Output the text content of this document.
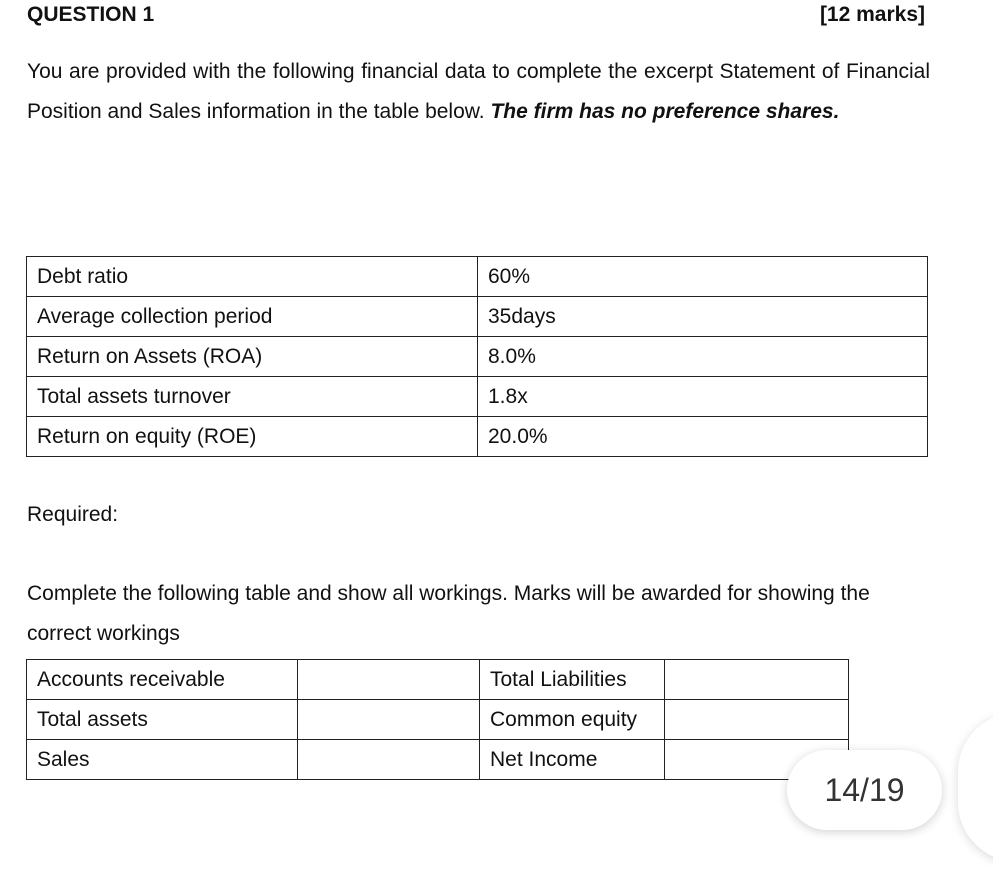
QUESTION 1	[12 marks]
You are provided with the following financial data to complete the excerpt Statement of Financial Position and Sales information in the table below. The firm has no preference shares.
Debt ratio	60%
Average collection period	35days
Return on Assets (ROA)	8.0%
Total assets turnover	1.8x
Return on equity (ROE)	20.0%
Required:
Complete the following table and show all workings. Marks will be awarded for showing the correct workings
Accounts receivable		Total Liabilities	
Total assets		Common equity	
Sales		Net Income	
14/19
